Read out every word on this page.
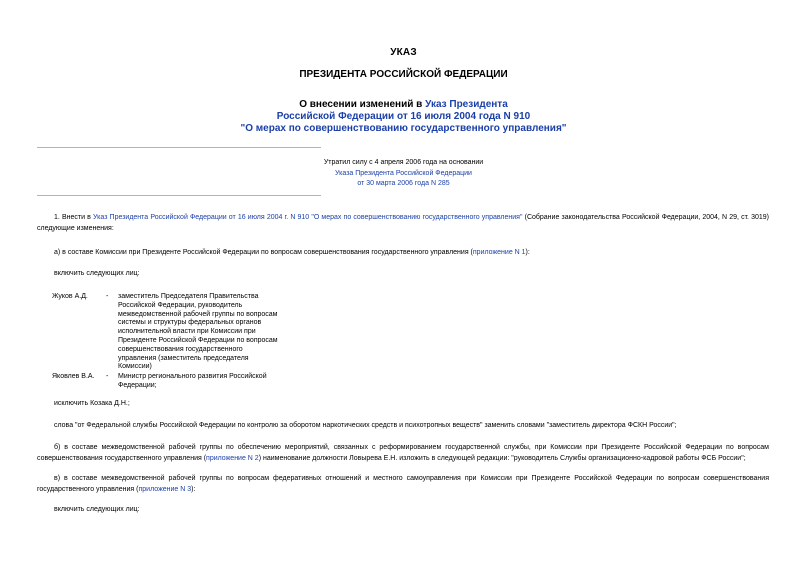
УКАЗ
ПРЕЗИДЕНТА РОССИЙСКОЙ ФЕДЕРАЦИИ
О внесении изменений в Указ Президента
Российской Федерации от 16 июля 2004 года N 910
"О мерах по совершенствованию государственного управления"
Утратил силу с 4 апреля 2006 года на основании
Указа Президента Российской Федерации
от 30 марта 2006 года N 285
1. Внести в Указ Президента Российской Федерации от 16 июля 2004 г. N 910 "О мерах по совершенствованию государственного управления" (Собрание законодательства Российской Федерации, 2004, N 29, ст. 3019) следующие изменения:
а) в составе Комиссии при Президенте Российской Федерации по вопросам совершенствования государственного управления (приложение N 1):
включить следующих лиц:
Жуков А.Д.	- заместитель Председателя Правительства Российской Федерации, руководитель межведомственной рабочей группы по вопросам системы и структуры федеральных органов исполнительной власти при Комиссии при Президенте Российской Федерации по вопросам совершенствования государственного управления (заместитель председателя Комиссии)
Яковлев В.А.	- Министр регионального развития Российской Федерации;
исключить Козака Д.Н.;
слова "от Федеральной службы Российской Федерации по контролю за оборотом наркотических средств и психотропных веществ" заменить словами "заместитель директора ФСКН России";
б) в составе межведомственной рабочей группы по обеспечению мероприятий, связанных с реформированием государственной службы, при Комиссии при Президенте Российской Федерации по вопросам совершенствования государственного управления (приложение N 2) наименование должности Ловырева Е.Н. изложить в следующей редакции: "руководитель Службы организационно-кадровой работы ФСБ России";
в) в составе межведомственной рабочей группы по вопросам федеративных отношений и местного самоуправления при Комиссии при Президенте Российской Федерации по вопросам совершенствования государственного управления (приложение N 3):
включить следующих лиц:
